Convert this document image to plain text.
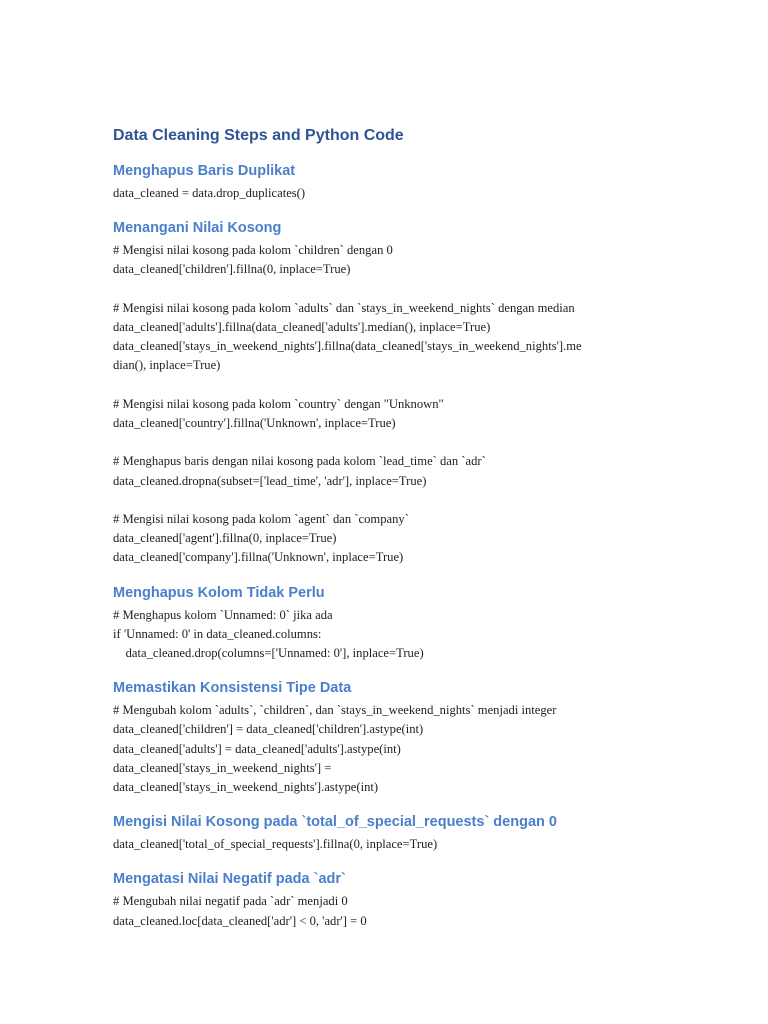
Data Cleaning Steps and Python Code
Menghapus Baris Duplikat
data_cleaned = data.drop_duplicates()
Menangani Nilai Kosong
# Mengisi nilai kosong pada kolom `children` dengan 0
data_cleaned['children'].fillna(0, inplace=True)
# Mengisi nilai kosong pada kolom `adults` dan `stays_in_weekend_nights` dengan median
data_cleaned['adults'].fillna(data_cleaned['adults'].median(), inplace=True)
data_cleaned['stays_in_weekend_nights'].fillna(data_cleaned['stays_in_weekend_nights'].me
dian(), inplace=True)
# Mengisi nilai kosong pada kolom `country` dengan "Unknown"
data_cleaned['country'].fillna('Unknown', inplace=True)
# Menghapus baris dengan nilai kosong pada kolom `lead_time` dan `adr`
data_cleaned.dropna(subset=['lead_time', 'adr'], inplace=True)
# Mengisi nilai kosong pada kolom `agent` dan `company`
data_cleaned['agent'].fillna(0, inplace=True)
data_cleaned['company'].fillna('Unknown', inplace=True)
Menghapus Kolom Tidak Perlu
# Menghapus kolom `Unnamed: 0` jika ada
if 'Unnamed: 0' in data_cleaned.columns:
data_cleaned.drop(columns=['Unnamed: 0'], inplace=True)
Memastikan Konsistensi Tipe Data
# Mengubah kolom `adults`, `children`, dan `stays_in_weekend_nights` menjadi integer
data_cleaned['children'] = data_cleaned['children'].astype(int)
data_cleaned['adults'] = data_cleaned['adults'].astype(int)
data_cleaned['stays_in_weekend_nights'] =
data_cleaned['stays_in_weekend_nights'].astype(int)
Mengisi Nilai Kosong pada `total_of_special_requests` dengan 0
data_cleaned['total_of_special_requests'].fillna(0, inplace=True)
Mengatasi Nilai Negatif pada `adr`
# Mengubah nilai negatif pada `adr` menjadi 0
data_cleaned.loc[data_cleaned['adr'] < 0, 'adr'] = 0
